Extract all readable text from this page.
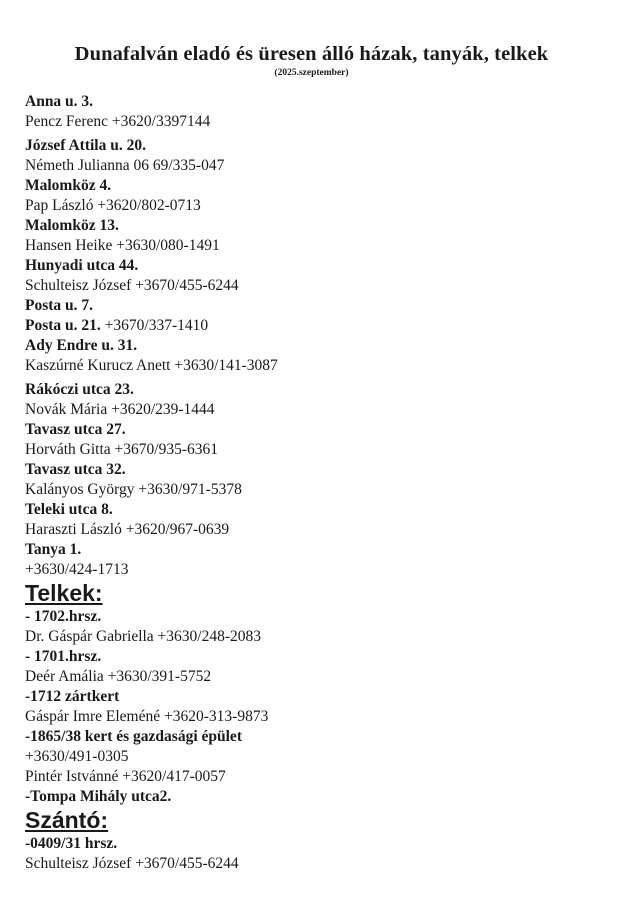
Dunafalván eladó és üresen álló házak, tanyák, telkek
(2025.szeptember)
Anna u. 3.
Pencz Ferenc +3620/3397144
József Attila u. 20.
Németh Julianna 06 69/335-047
Malomköz 4.
Pap László +3620/802-0713
Malomköz 13.
Hansen Heike +3630/080-1491
Hunyadi utca 44.
Schulteisz József +3670/455-6244
Posta u. 7.
Posta u. 21. +3670/337-1410
Ady Endre u. 31.
Kaszúrné Kurucz Anett +3630/141-3087
Rákóczi utca 23.
Novák Mária +3620/239-1444
Tavasz utca 27.
Horváth Gitta +3670/935-6361
Tavasz utca 32.
Kalányos György +3630/971-5378
Teleki utca 8.
Haraszti László +3620/967-0639
Tanya 1.
+3630/424-1713
Telkek:
- 1702.hrsz.
Dr. Gáspár Gabriella +3630/248-2083
- 1701.hrsz.
Deér Amália +3630/391-5752
-1712 zártkert
Gáspár Imre Eleméné +3620-313-9873
-1865/38 kert és gazdasági épület
+3630/491-0305
Pintér Istvánné +3620/417-0057
-Tompa Mihály utca2.
Szántó:
-0409/31 hrsz.
Schulteisz József +3670/455-6244
